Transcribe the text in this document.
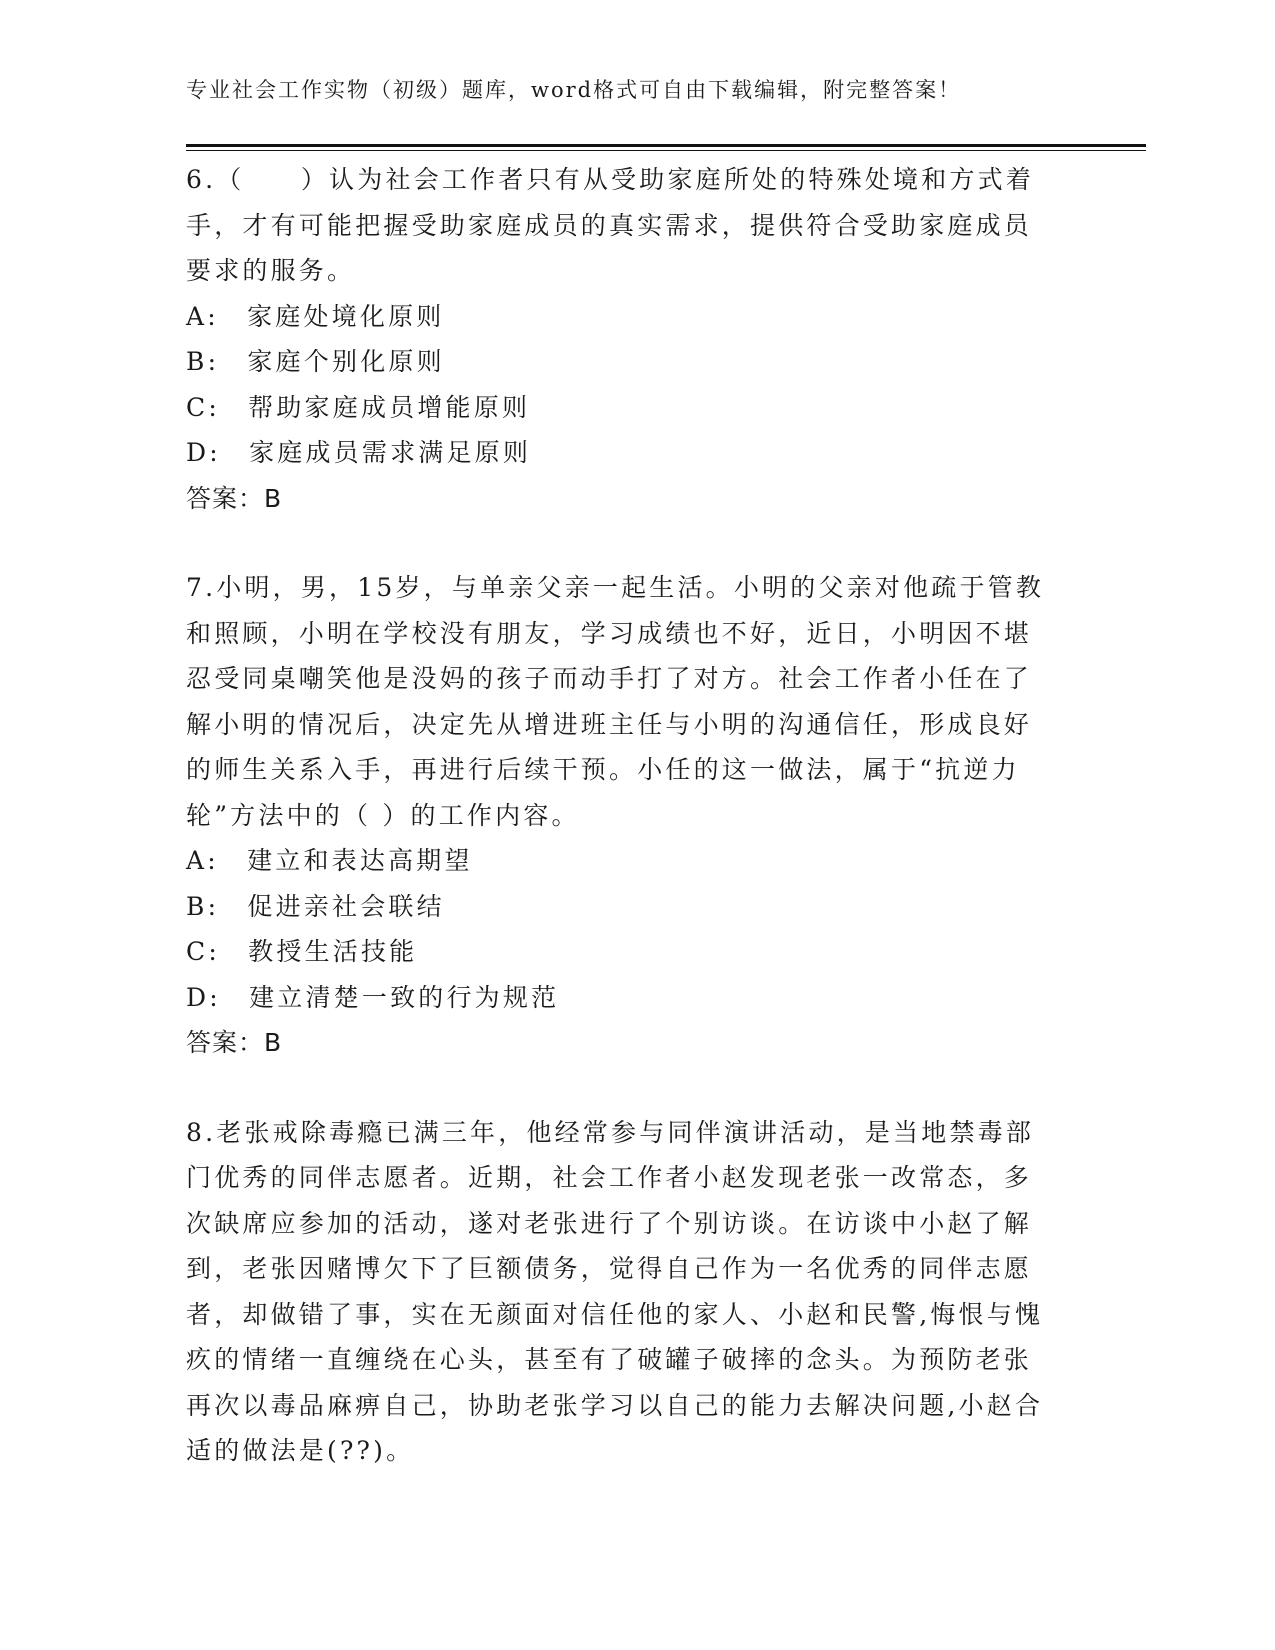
专业社会工作实物（初级）题库，word格式可自由下载编辑，附完整答案！

6.（　　）认为社会工作者只有从受助家庭所处的特殊处境和方式着
手，才有可能把握受助家庭成员的真实需求，提供符合受助家庭成员
要求的服务。

A:　家庭处境化原则
B:　家庭个别化原则
C:　帮助家庭成员增能原则
D:　家庭成员需求满足原则

答案：B

7.小明，男，15岁，与单亲父亲一起生活。小明的父亲对他疏于管教
和照顾，小明在学校没有朋友，学习成绩也不好，近日，小明因不堪
忍受同桌嘲笑他是没妈的孩子而动手打了对方。社会工作者小任在了
解小明的情况后，决定先从增进班主任与小明的沟通信任，形成良好
的师生关系入手，再进行后续干预。小任的这一做法，属于“抗逆力
轮”方法中的（ ）的工作内容。

A:　建立和表达高期望
B:　促进亲社会联结
C:　教授生活技能
D:　建立清楚一致的行为规范

答案：B

8.老张戒除毒瘾已满三年，他经常参与同伴演讲活动，是当地禁毒部
门优秀的同伴志愿者。近期，社会工作者小赵发现老张一改常态，多
次缺席应参加的活动，遂对老张进行了个别访谈。在访谈中小赵了解
到，老张因赌博欠下了巨额债务，觉得自己作为一名优秀的同伴志愿
者，却做错了事，实在无颜面对信任他的家人、小赵和民警,悔恨与愧
疚的情绪一直缠绕在心头，甚至有了破罐子破摔的念头。为预防老张
再次以毒品麻痹自己，协助老张学习以自己的能力去解决问题,小赵合
适的做法是(??)。
